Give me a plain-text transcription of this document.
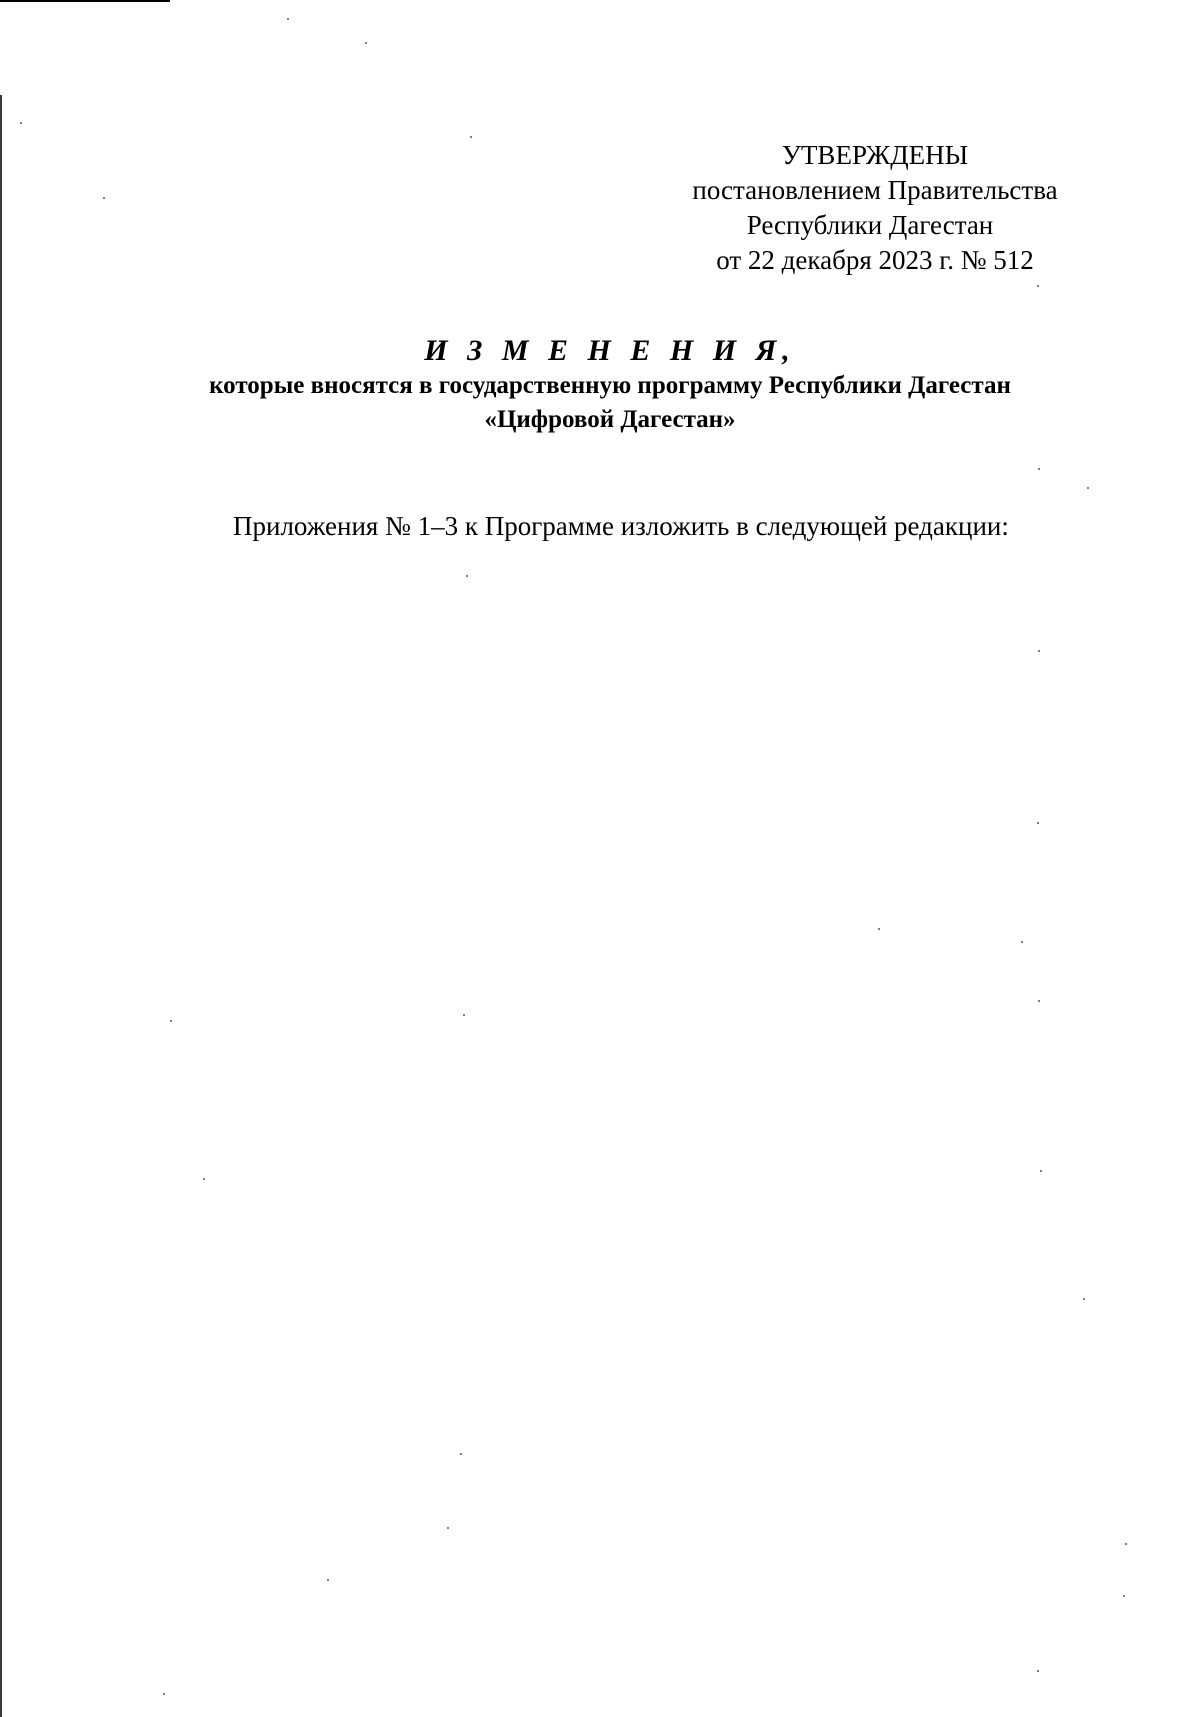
УТВЕРЖДЕНЫ
постановлением Правительства
Республики Дагестан
от 22 декабря 2023 г. № 512
И З М Е Н Е Н И Я,
которые вносятся в государственную программу Республики Дагестан
«Цифровой Дагестан»
Приложения № 1–3 к Программе изложить в следующей редакции:
